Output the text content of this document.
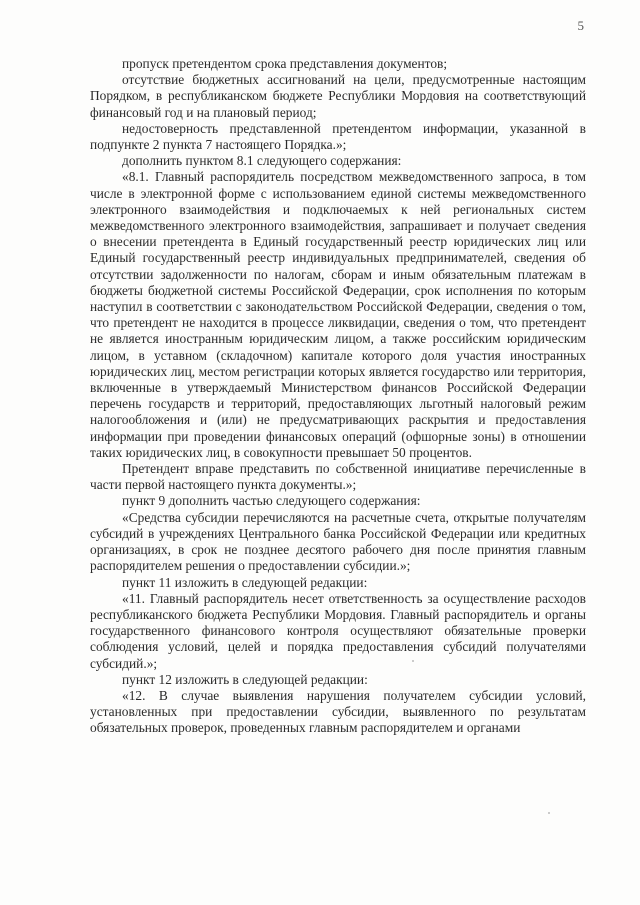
5

пропуск претендентом срока представления документов;

отсутствие бюджетных ассигнований на цели, предусмотренные настоящим Порядком, в республиканском бюджете Республики Мордовия на соответствующий финансовый год и на плановый период;

недостоверность представленной претендентом информации, указанной в подпункте 2 пункта 7 настоящего Порядка.»;

дополнить пунктом 8.1 следующего содержания:

«8.1. Главный распорядитель посредством межведомственного запроса, в том числе в электронной форме с использованием единой системы межведомственного электронного взаимодействия и подключаемых к ней региональных систем межведомственного электронного взаимодействия, запрашивает и получает сведения о внесении претендента в Единый государственный реестр юридических лиц или Единый государственный реестр индивидуальных предпринимателей, сведения об отсутствии задолженности по налогам, сборам и иным обязательным платежам в бюджеты бюджетной системы Российской Федерации, срок исполнения по которым наступил в соответствии с законодательством Российской Федерации, сведения о том, что претендент не находится в процессе ликвидации, сведения о том, что претендент не является иностранным юридическим лицом, а также российским юридическим лицом, в уставном (складочном) капитале которого доля участия иностранных юридических лиц, местом регистрации которых является государство или территория, включенные в утверждаемый Министерством финансов Российской Федерации перечень государств и территорий, предоставляющих льготный налоговый режим налогообложения и (или) не предусматривающих раскрытия и предоставления информации при проведении финансовых операций (офшорные зоны) в отношении таких юридических лиц, в совокупности превышает 50 процентов.

Претендент вправе представить по собственной инициативе перечисленные в части первой настоящего пункта документы.»;

пункт 9 дополнить частью следующего содержания:

«Средства субсидии перечисляются на расчетные счета, открытые получателям субсидий в учреждениях Центрального банка Российской Федерации или кредитных организациях, в срок не позднее десятого рабочего дня после принятия главным распорядителем решения о предоставлении субсидии.»;

пункт 11 изложить в следующей редакции:

«11. Главный распорядитель несет ответственность за осуществление расходов республиканского бюджета Республики Мордовия. Главный распорядитель и органы государственного финансового контроля осуществляют обязательные проверки соблюдения условий, целей и порядка предоставления субсидий получателями субсидий.»;

пункт 12 изложить в следующей редакции:

«12. В случае выявления нарушения получателем субсидии условий, установленных при предоставлении субсидии, выявленного по результатам обязательных проверок, проведенных главным распорядителем и органами
